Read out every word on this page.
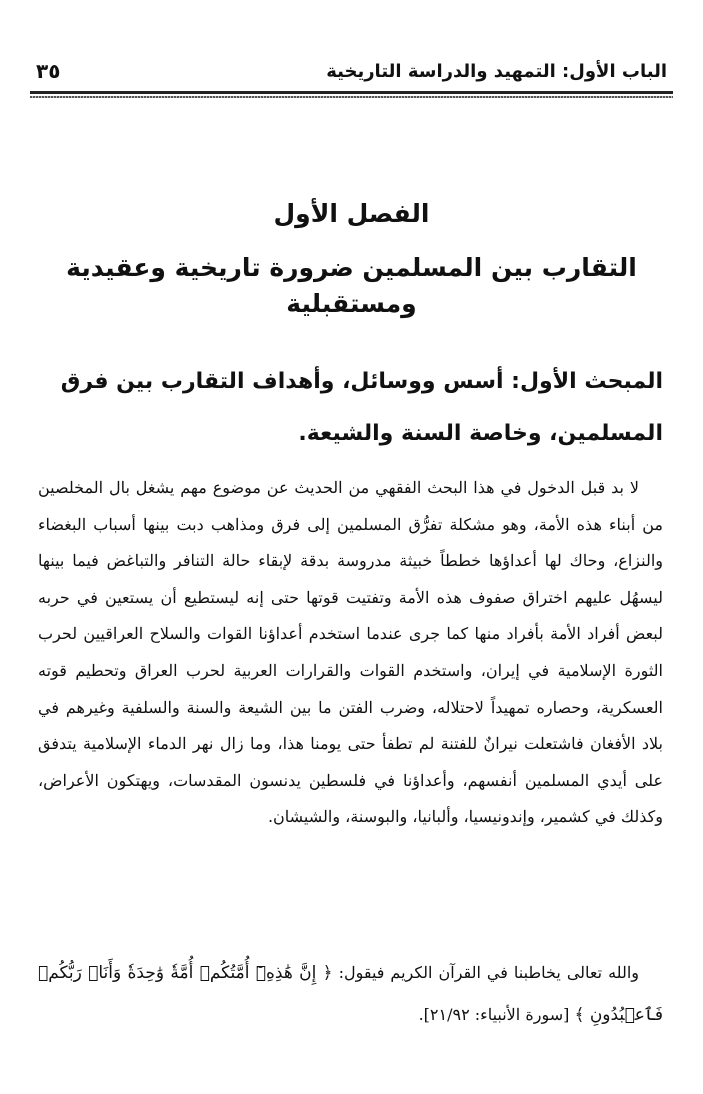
الباب الأول: التمهيد والدراسة التاريخية
٣٥
الفصل الأول
التقارب بين المسلمين ضرورة تاريخية وعقيدية ومستقبلية
المبحث الأول: أسس ووسائل، وأهداف التقارب بين فرق المسلمين، وخاصة السنة والشيعة.

لا بد قبل الدخول في هذا البحث الفقهي من الحديث عن موضوع مهم يشغل بال المخلصين من أبناء هذه الأمة، وهو مشكلة تفرُّق المسلمين إلى فرق ومذاهب دبت بينها أسباب البغضاء والنزاع، وحاك لها أعداؤها خططاً خبيثة مدروسة بدقة لإبقاء حالة التنافر والتباغض فيما بينها ليسهُل عليهم اختراق صفوف هذه الأمة وتفتيت قوتها حتى إنه ليستطيع أن يستعين في حربه لبعض أفراد الأمة بأفراد منها كما جرى عندما استخدم أعداؤنا القوات والسلاح العراقيين لحرب الثورة الإسلامية في إيران، واستخدم القوات والقرارات العربية لحرب العراق وتحطيم قوته العسكرية، وحصاره تمهيداً لاحتلاله، وضرب الفتن ما بين الشيعة والسنة والسلفية وغيرهم في بلاد الأفغان فاشتعلت نيرانٌ للفتنة لم تطفأ حتى يومنا هذا، وما زال نهر الدماء الإسلامية يتدفق على أيدي المسلمين أنفسهم، وأعداؤنا في فلسطين يدنسون المقدسات، ويهتكون الأعراض، وكذلك في كشمير، وإندونيسيا، وألبانيا، والبوسنة، والشيشان.

والله تعالى يخاطبنا في القرآن الكريم فيقول: ﴿ إِنَّ هَٰذِهِۦٓ أُمَّتُكُمۡ أُمَّةٗ وَٰحِدَةٗ وَأَنَا۠ رَبُّكُمۡ فَٱعۡبُدُونِ ﴾ [سورة الأنبياء: ٢١/٩٢].
